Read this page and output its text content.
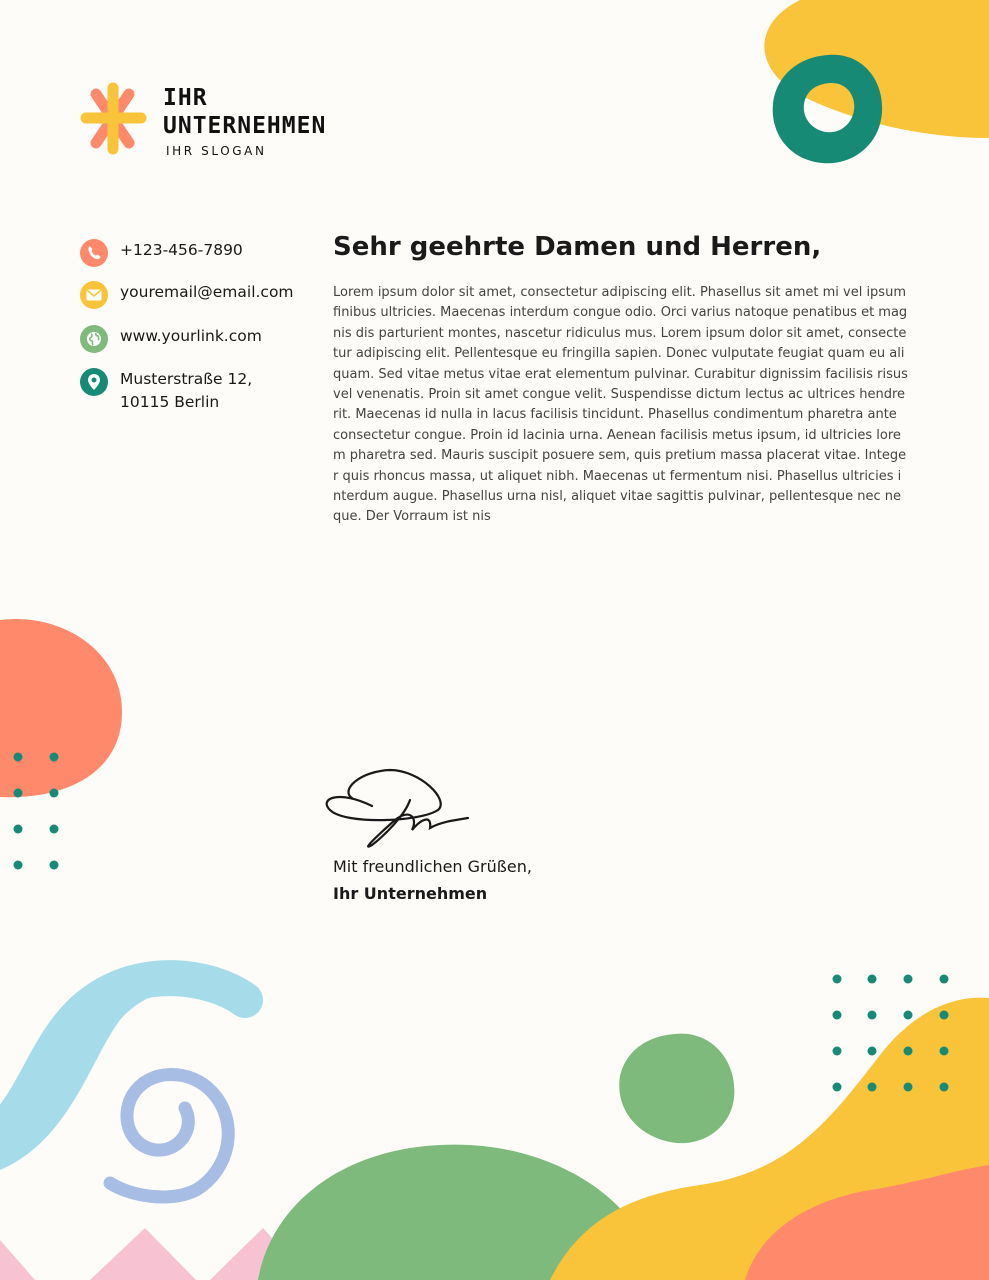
IHR
UNTERNEHMEN
IHR SLOGAN
+123-456-7890
youremail@email.com
www.yourlink.com
Musterstraße 12,
10115 Berlin
Sehr geehrte Damen und Herren,

Lorem ipsum dolor sit amet, consectetur adipiscing elit. Phasellus sit amet mi vel ipsum finibus ultricies. Maecenas interdum congue odio. Orci varius natoque penatibus et magnis dis parturient montes, nascetur ridiculus mus. Lorem ipsum dolor sit amet, consectetur adipiscing elit. Pellentesque eu fringilla sapien. Donec vulputate feugiat quam eu aliquam. Sed vitae metus vitae erat elementum pulvinar. Curabitur dignissim facilisis risus vel venenatis. Proin sit amet congue velit. Suspendisse dictum lectus ac ultrices hendrerit. Maecenas id nulla in lacus facilisis tincidunt. Phasellus condimentum pharetra ante consectetur congue. Proin id lacinia urna. Aenean facilisis metus ipsum, id ultricies lorem pharetra sed. Mauris suscipit posuere sem, quis pretium massa placerat vitae. Integer quis rhoncus massa, ut aliquet nibh. Maecenas ut fermentum nisi. Phasellus ultricies interdum augue. Phasellus urna nisl, aliquet vitae sagittis pulvinar, pellentesque nec neque. Der Vorraum ist nis

Mit freundlichen Grüßen,
Ihr Unternehmen
